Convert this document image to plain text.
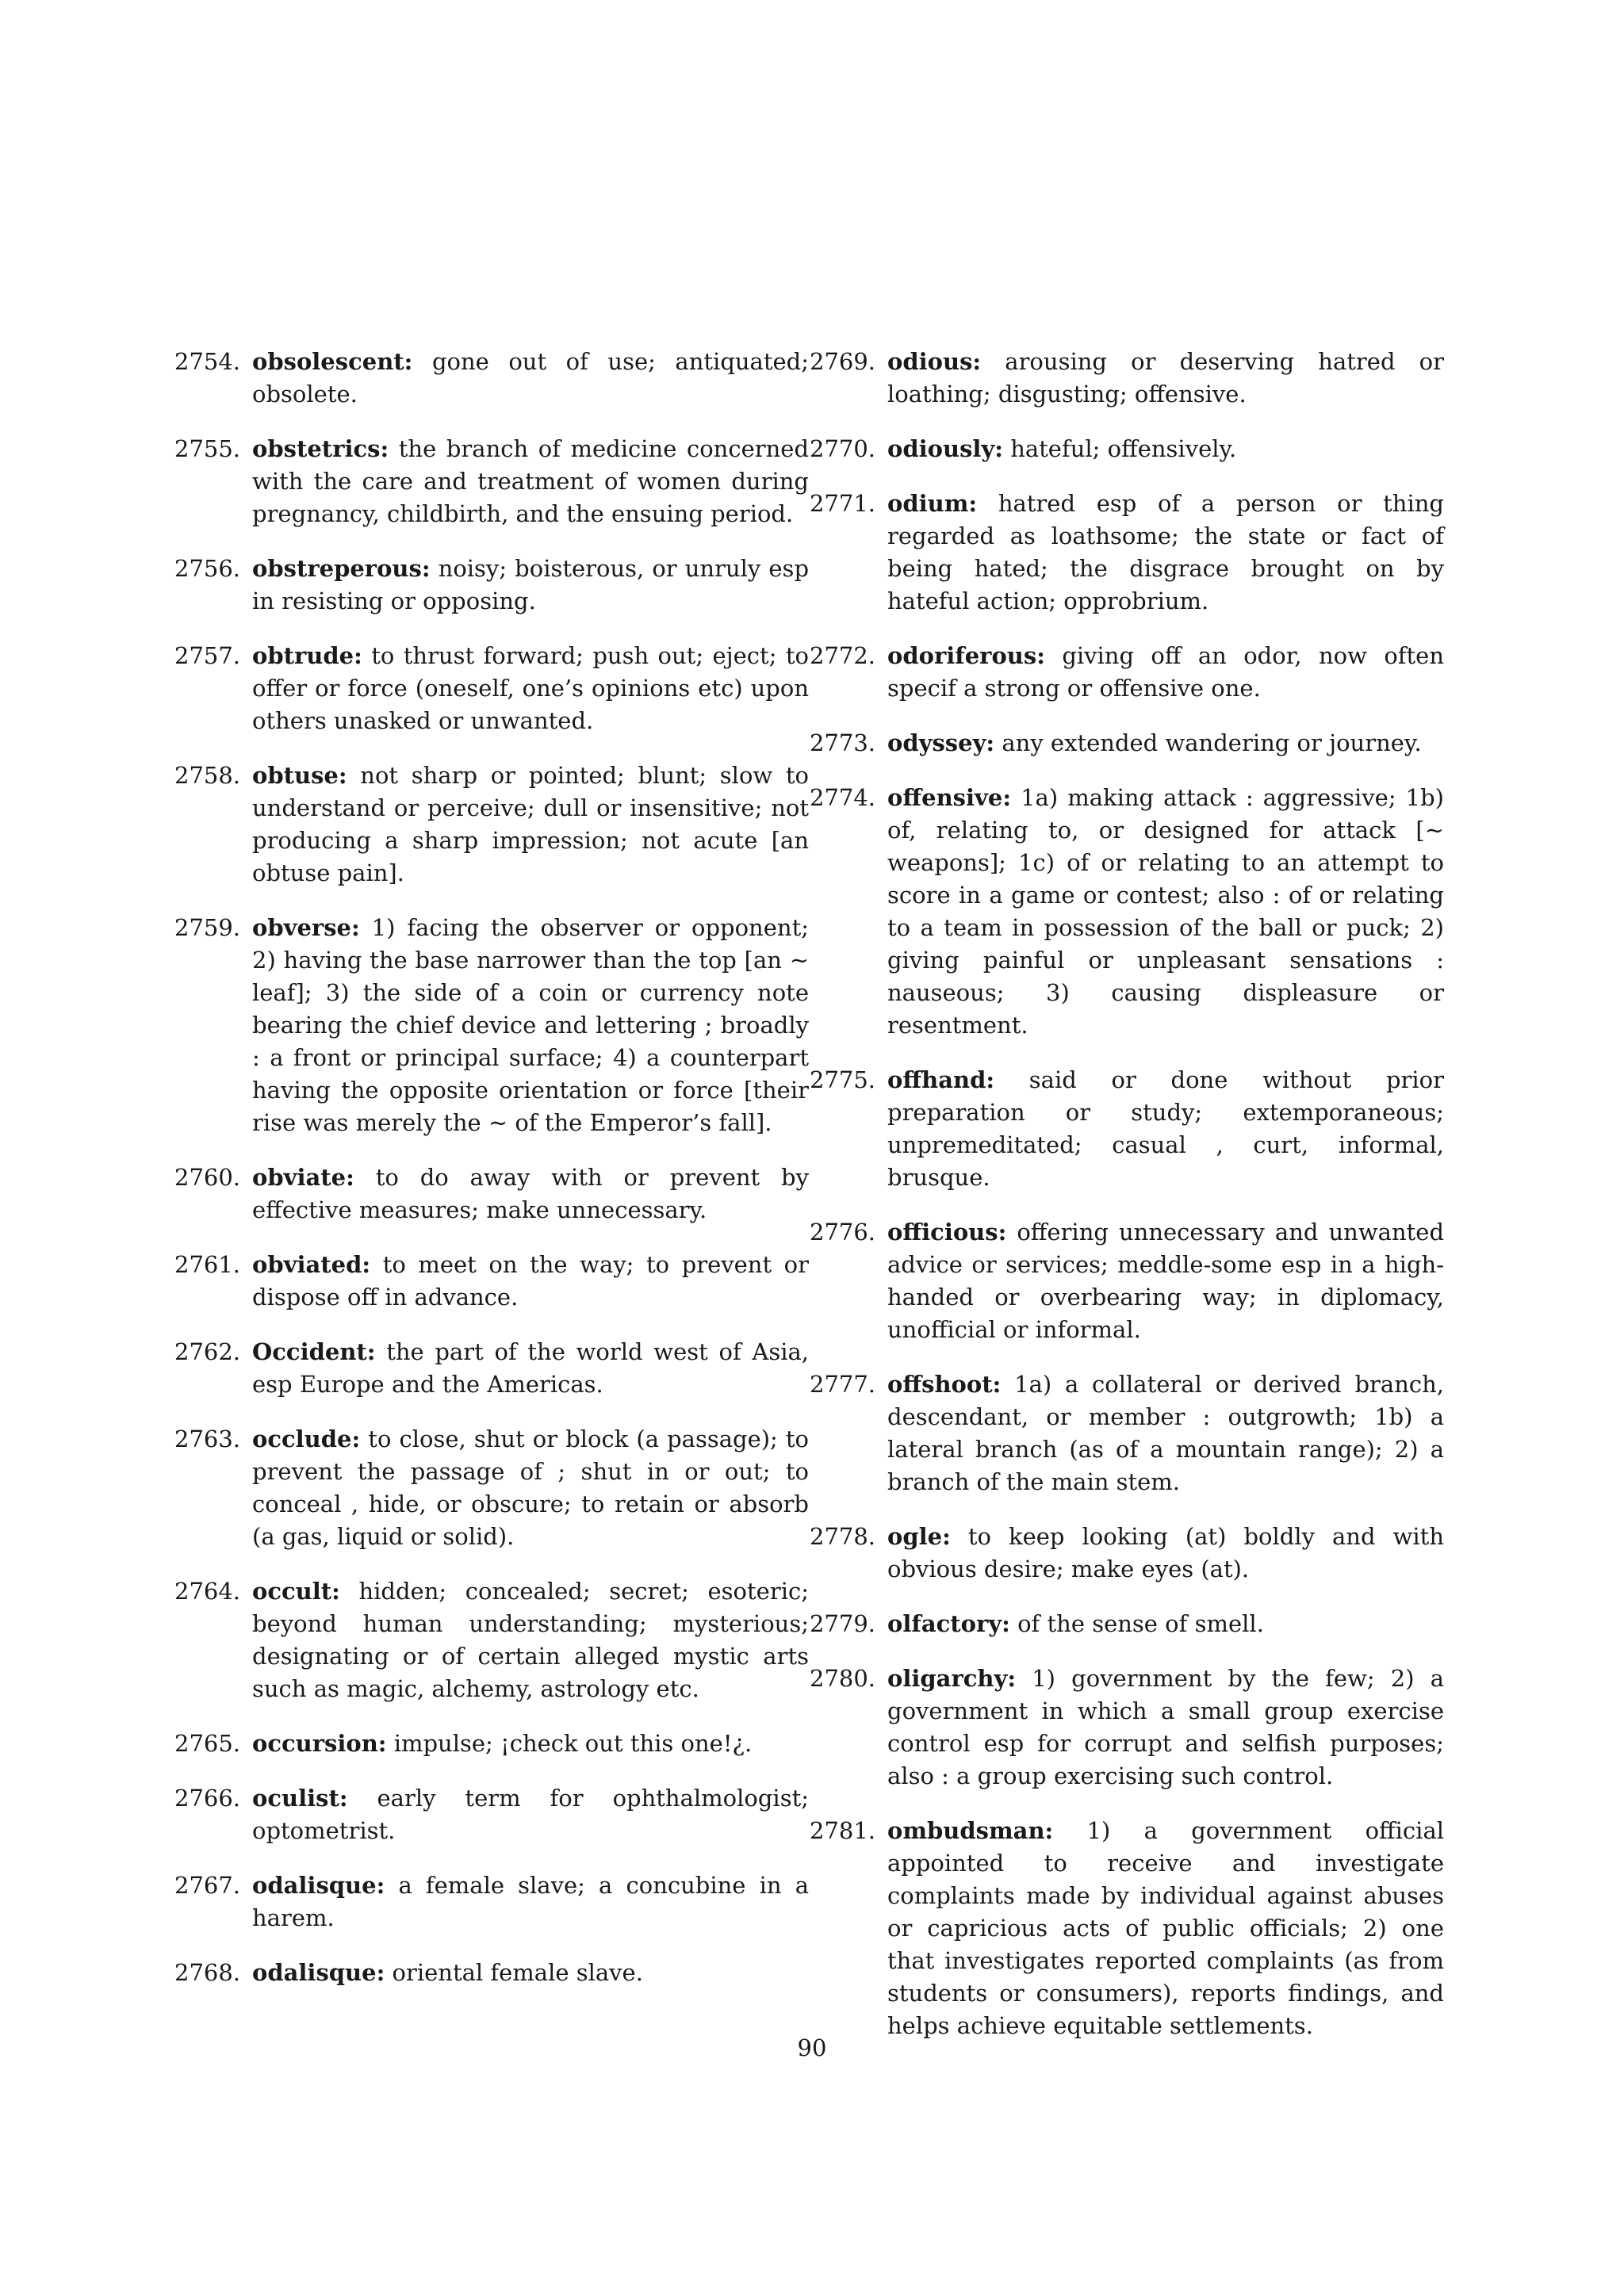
2754. obsolescent: gone out of use; antiquated; obsolete.
2755. obstetrics: the branch of medicine concerned with the care and treatment of women during pregnancy, childbirth, and the ensuing period.
2756. obstreperous: noisy; boisterous, or unruly esp in resisting or opposing.
2757. obtrude: to thrust forward; push out; eject; to offer or force (oneself, one’s opinions etc) upon others unasked or unwanted.
2758. obtuse: not sharp or pointed; blunt; slow to understand or perceive; dull or insensitive; not producing a sharp impression; not acute [an obtuse pain].
2759. obverse: 1) facing the observer or opponent; 2) having the base narrower than the top [an ∼ leaf]; 3) the side of a coin or currency note bearing the chief device and lettering ; broadly : a front or principal surface; 4) a counterpart having the opposite orientation or force [their rise was merely the ∼ of the Emperor’s fall].
2760. obviate: to do away with or prevent by effective measures; make unnecessary.
2761. obviated: to meet on the way; to prevent or dispose off in advance.
2762. Occident: the part of the world west of Asia, esp Europe and the Americas.
2763. occlude: to close, shut or block (a passage); to prevent the passage of ; shut in or out; to conceal , hide, or obscure; to retain or absorb (a gas, liquid or solid).
2764. occult: hidden; concealed; secret; esoteric; beyond human understanding; mysterious; designating or of certain alleged mystic arts such as magic, alchemy, astrology etc.
2765. occursion: impulse; ¡check out this one!¿.
2766. oculist: early term for ophthalmologist; optometrist.
2767. odalisque: a female slave; a concubine in a harem.
2768. odalisque: oriental female slave.
2769. odious: arousing or deserving hatred or loathing; disgusting; offensive.
2770. odiously: hateful; offensively.
2771. odium: hatred esp of a person or thing regarded as loathsome; the state or fact of being hated; the disgrace brought on by hateful action; opprobrium.
2772. odoriferous: giving off an odor, now often specif a strong or offensive one.
2773. odyssey: any extended wandering or journey.
2774. offensive: 1a) making attack : aggressive; 1b) of, relating to, or designed for attack [∼ weapons]; 1c) of or relating to an attempt to score in a game or contest; also : of or relating to a team in possession of the ball or puck; 2) giving painful or unpleasant sensations : nauseous; 3) causing displeasure or resentment.
2775. offhand: said or done without prior preparation or study; extemporaneous; unpremeditated; casual , curt, informal, brusque.
2776. officious: offering unnecessary and unwanted advice or services; meddle-some esp in a high-handed or overbearing way; in diplomacy, unofficial or informal.
2777. offshoot: 1a) a collateral or derived branch, descendant, or member : outgrowth; 1b) a lateral branch (as of a mountain range); 2) a branch of the main stem.
2778. ogle: to keep looking (at) boldly and with obvious desire; make eyes (at).
2779. olfactory: of the sense of smell.
2780. oligarchy: 1) government by the few; 2) a government in which a small group exercise control esp for corrupt and selfish purposes; also : a group exercising such control.
2781. ombudsman: 1) a government official appointed to receive and investigate complaints made by individual against abuses or capricious acts of public officials; 2) one that investigates reported complaints (as from students or consumers), reports findings, and helps achieve equitable settlements.
90
